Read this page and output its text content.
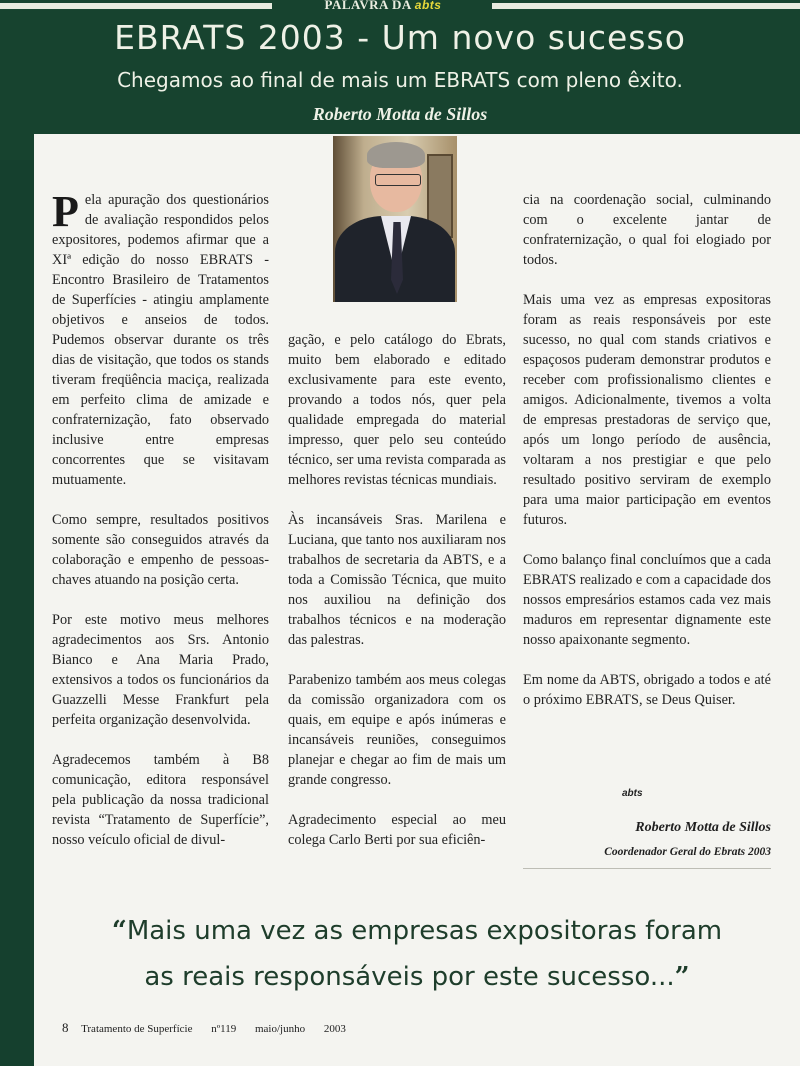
PALAVRA DA abts
EBRATS 2003 - Um novo sucesso
Chegamos ao final de mais um EBRATS com pleno êxito.
Roberto Motta de Sillos

Pela apuração dos questionários de avaliação respondidos pelos expositores, podemos afirmar que a XIª edição do nosso EBRATS - Encontro Brasileiro de Tratamentos de Superfícies - atingiu amplamente objetivos e anseios de todos. Pudemos observar durante os três dias de visitação, que todos os stands tiveram freqüência maciça, realizada em perfeito clima de amizade e confraternização, fato observado inclusive entre empresas concorrentes que se visitavam mutuamente.

Como sempre, resultados positivos somente são conseguidos através da colaboração e empenho de pessoas-chaves atuando na posição certa.

Por este motivo meus melhores agradecimentos aos Srs. Antonio Bianco e Ana Maria Prado, extensivos a todos os funcionários da Guazzelli Messe Frankfurt pela perfeita organização desenvolvida.

Agradecemos também à B8 comunicação, editora responsável pela publicação da nossa tradicional revista “Tratamento de Superfície”, nosso veículo oficial de divul-

gação, e pelo catálogo do Ebrats, muito bem elaborado e editado exclusivamente para este evento, provando a todos nós, quer pela qualidade empregada do material impresso, quer pelo seu conteúdo técnico, ser uma revista comparada as melhores revistas técnicas mundiais.

Às incansáveis Sras. Marilena e Luciana, que tanto nos auxiliaram nos trabalhos de secretaria da ABTS, e a toda a Comissão Técnica, que muito nos auxiliou na definição dos trabalhos técnicos e na moderação das palestras.

Parabenizo também aos meus colegas da comissão organizadora com os quais, em equipe e após inúmeras e incansáveis reuniões, conseguimos planejar e chegar ao fim de mais um grande congresso.

Agradecimento especial ao meu colega Carlo Berti por sua eficiên-

cia na coordenação social, culminando com o excelente jantar de confraternização, o qual foi elogiado por todos.

Mais uma vez as empresas expositoras foram as reais responsáveis por este sucesso, no qual com stands criativos e espaçosos puderam demonstrar produtos e receber com profissionalismo clientes e amigos. Adicionalmente, tivemos a volta de empresas prestadoras de serviço que, após um longo período de ausência, voltaram a nos prestigiar e que pelo resultado positivo serviram de exemplo para uma maior participação em eventos futuros.

Como balanço final concluímos que a cada EBRATS realizado e com a capacidade dos nossos empresários estamos cada vez mais maduros em representar dignamente este nosso apaixonante segmento.

Em nome da ABTS, obrigado a todos e até o próximo EBRATS, se Deus Quiser.

abts
Roberto Motta de Sillos
Coordenador Geral do Ebrats 2003
“Mais uma vez as empresas expositoras foram
as reais responsáveis por este sucesso...”
8 Tratamento de Superfície nº119 maio/junho 2003
